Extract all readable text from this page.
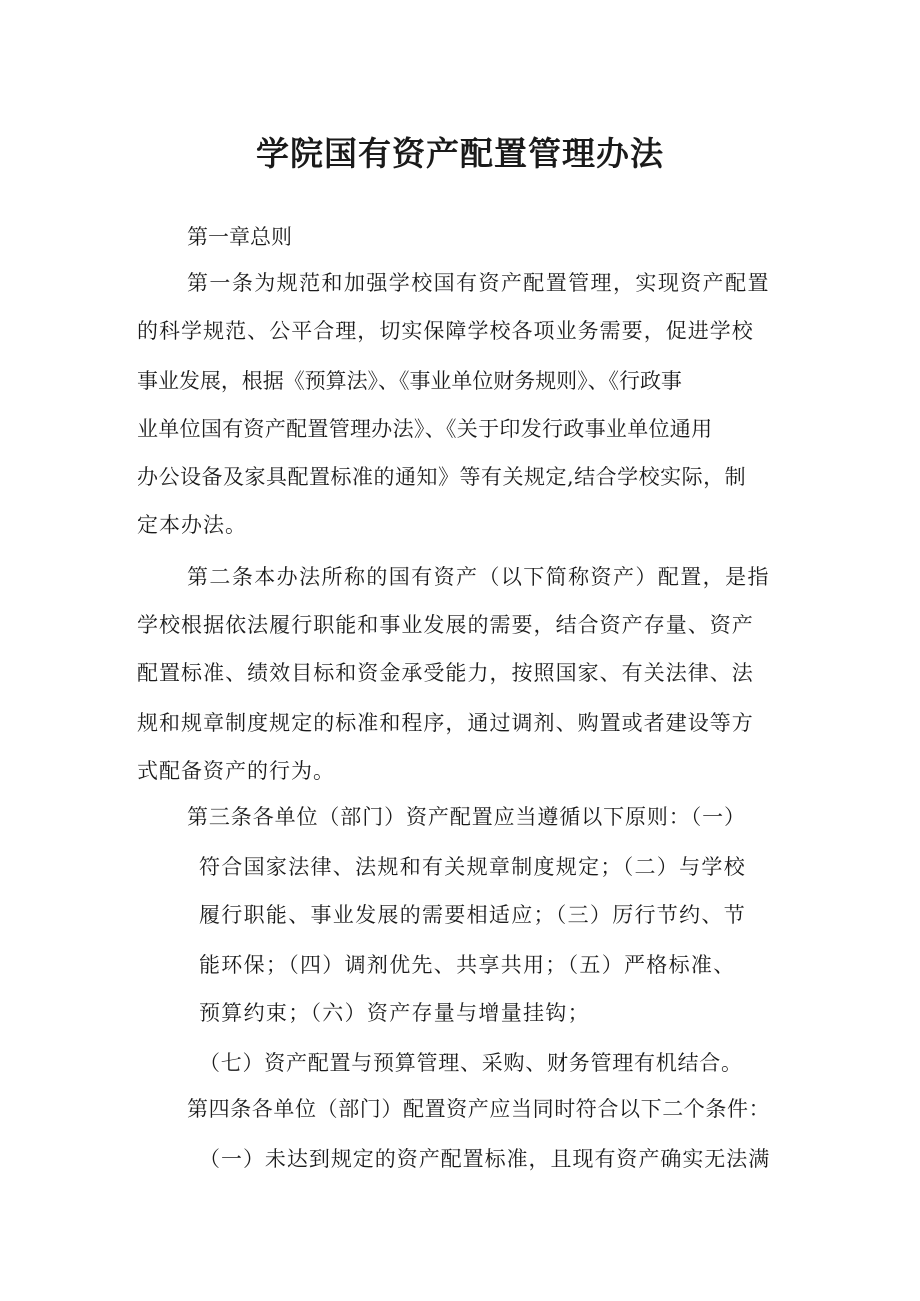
学院国有资产配置管理办法

第一章总则

第一条为规范和加强学校国有资产配置管理，实现资产配置

的科学规范、公平合理，切实保障学校各项业务需要，促进学校

事业发展，根据《预算法》、《事业单位财务规则》、《行政事

业单位国有资产配置管理办法》、《关于印发行政事业单位通用

办公设备及家具配置标准的通知》等有关规定,结合学校实际，制

定本办法。

第二条本办法所称的国有资产（以下简称资产）配置，是指

学校根据依法履行职能和事业发展的需要，结合资产存量、资产

配置标准、绩效目标和资金承受能力，按照国家、有关法律、法

规和规章制度规定的标准和程序，通过调剂、购置或者建设等方

式配备资产的行为。

第三条各单位（部门）资产配置应当遵循以下原则：（一）

符合国家法律、法规和有关规章制度规定；（二）与学校

履行职能、事业发展的需要相适应；（三）厉行节约、节

能环保；（四）调剂优先、共享共用；（五）严格标准、

预算约束；（六）资产存量与增量挂钩；

（七）资产配置与预算管理、采购、财务管理有机结合。

第四条各单位（部门）配置资产应当同时符合以下二个条件：

（一）未达到规定的资产配置标准，且现有资产确实无法满
